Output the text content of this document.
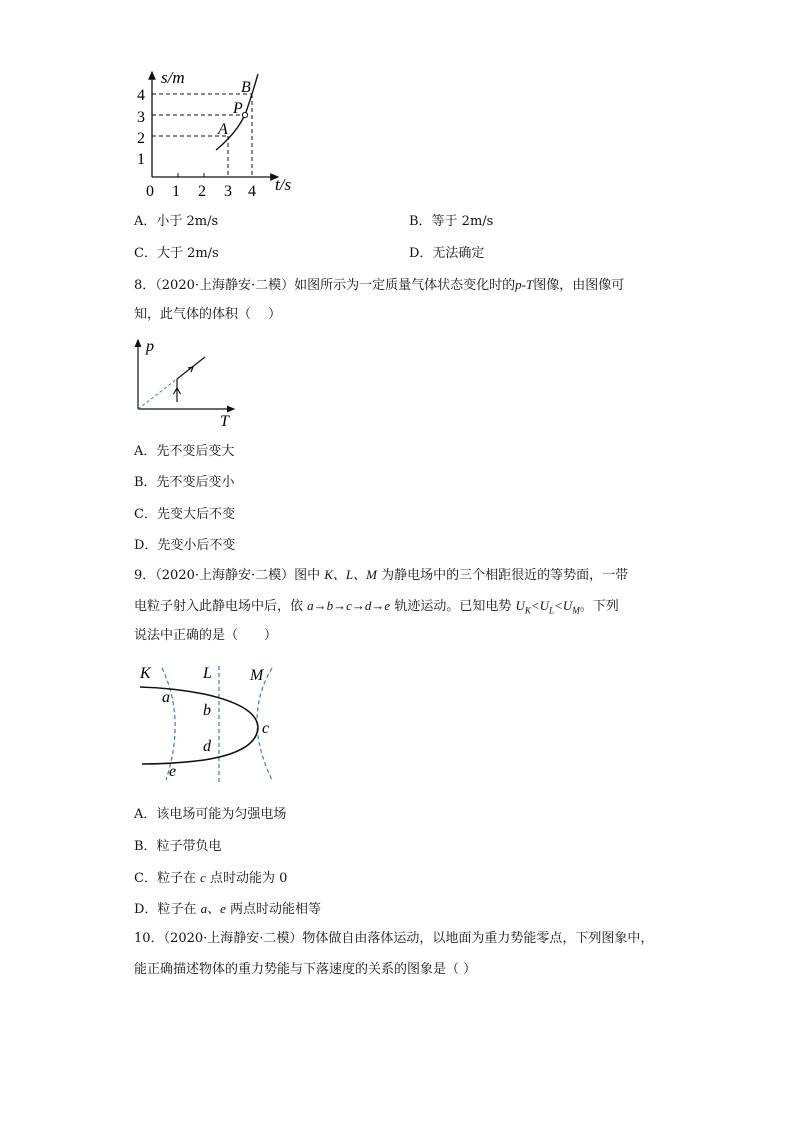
s/m
t/s
4
3
2
1
0 1 2 3 4
B
P
A
A．小于 2m/s	B．等于 2m/s
C．大于 2m/s	D．无法确定
8．（2020·上海静安·二模）如图所示为一定质量气体状态变化时的p-T图像，由图像可
知，此气体的体积（　 ）
p
T
A．先不变后变大
B．先不变后变小
C．先变大后不变
D．先变小后不变
9．（2020·上海静安·二模）图中 K、L、M 为静电场中的三个相距很近的等势面，一带
电粒子射入此静电场中后，依 a→b→c→d→e 轨迹运动。已知电势 $U_K<U_L<U_M$。下列
说法中正确的是（　　）
K	L M
a
b
c
d
e
A．该电场可能为匀强电场
B．粒子带负电
C．粒子在 c 点时动能为 0
D．粒子在 a、e 两点时动能相等
10．（2020·上海静安·二模）物体做自由落体运动，以地面为重力势能零点，下列图象中，
能正确描述物体的重力势能与下落速度的关系的图象是（ ）
